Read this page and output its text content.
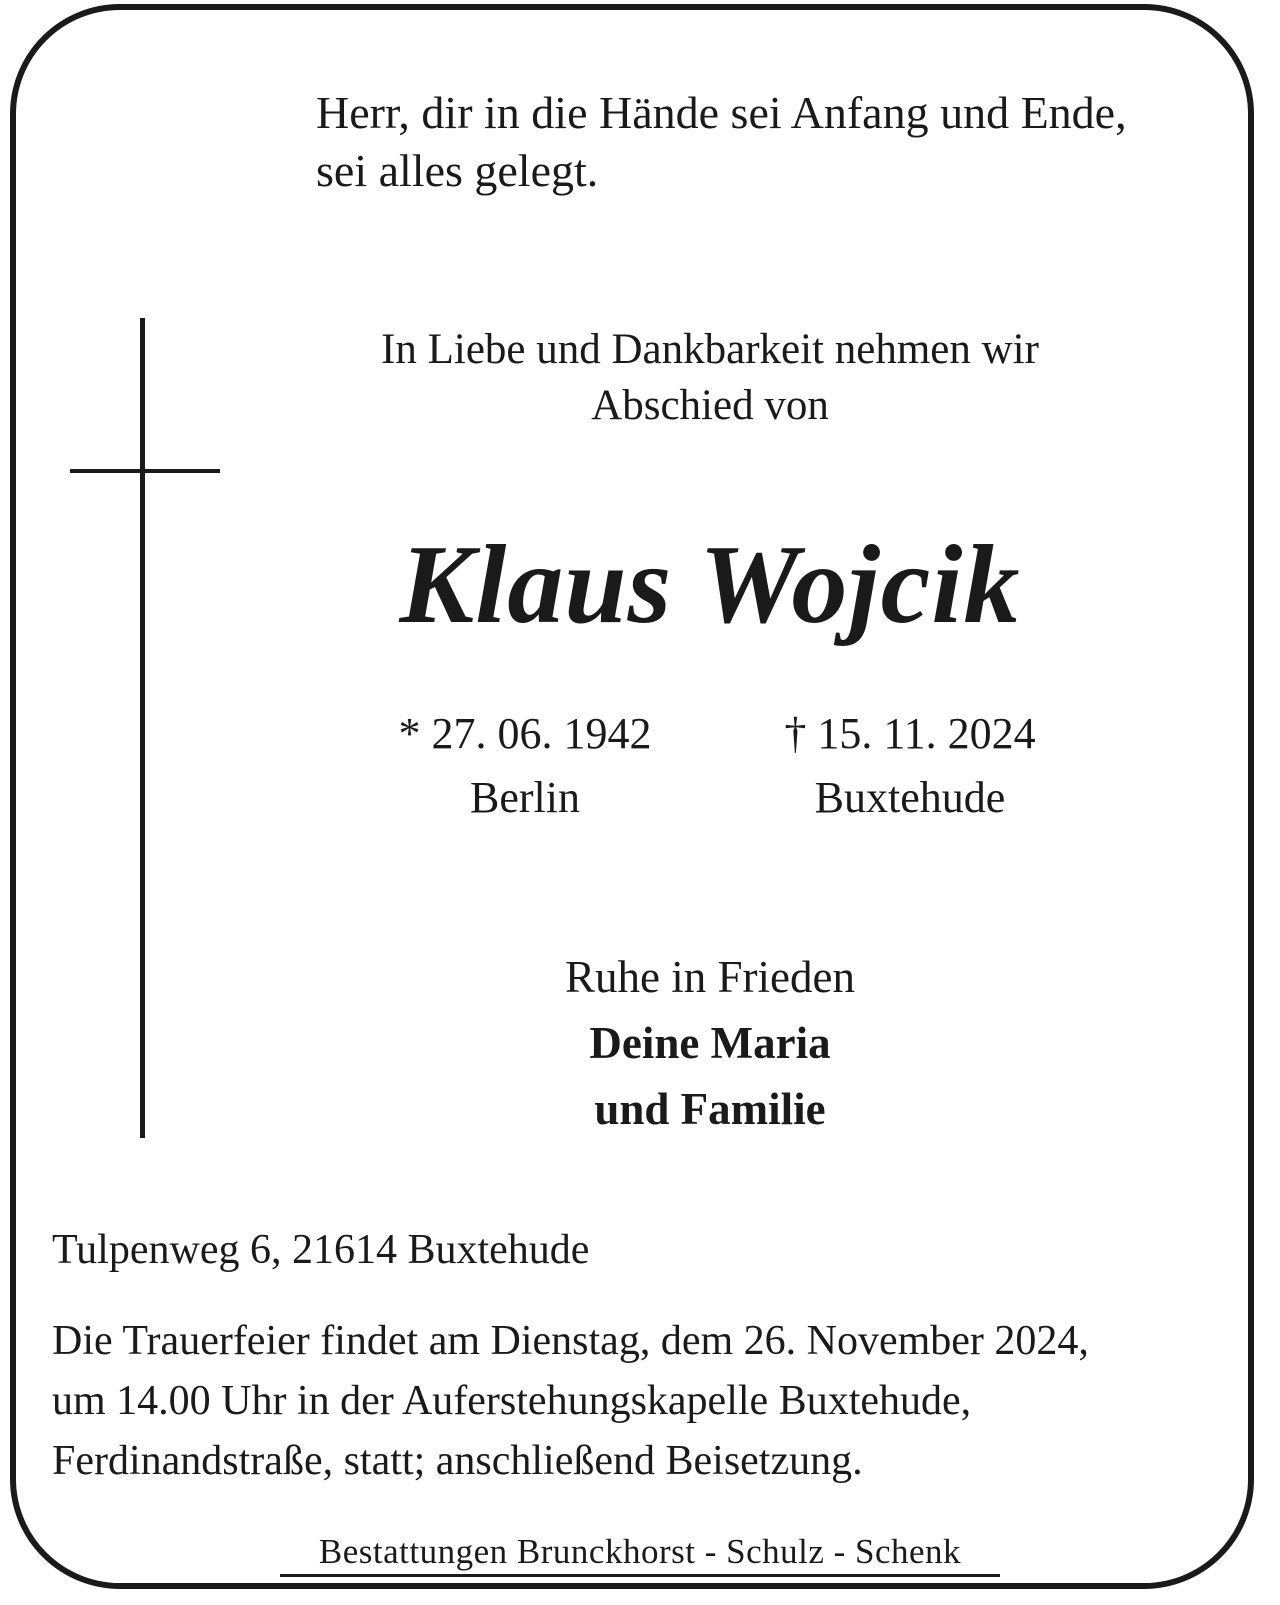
Herr, dir in die Hände sei Anfang und Ende,
sei alles gelegt.
In Liebe und Dankbarkeit nehmen wir
Abschied von
Klaus Wojcik
* 27. 06. 1942
Berlin
† 15. 11. 2024
Buxtehude
Ruhe in Frieden
Deine Maria
und Familie
Tulpenweg 6, 21614 Buxtehude
Die Trauerfeier findet am Dienstag, dem 26. November 2024,
um 14.00 Uhr in der Auferstehungskapelle Buxtehude,
Ferdinandstraße, statt; anschließend Beisetzung.
Bestattungen Brunckhorst - Schulz - Schenk
